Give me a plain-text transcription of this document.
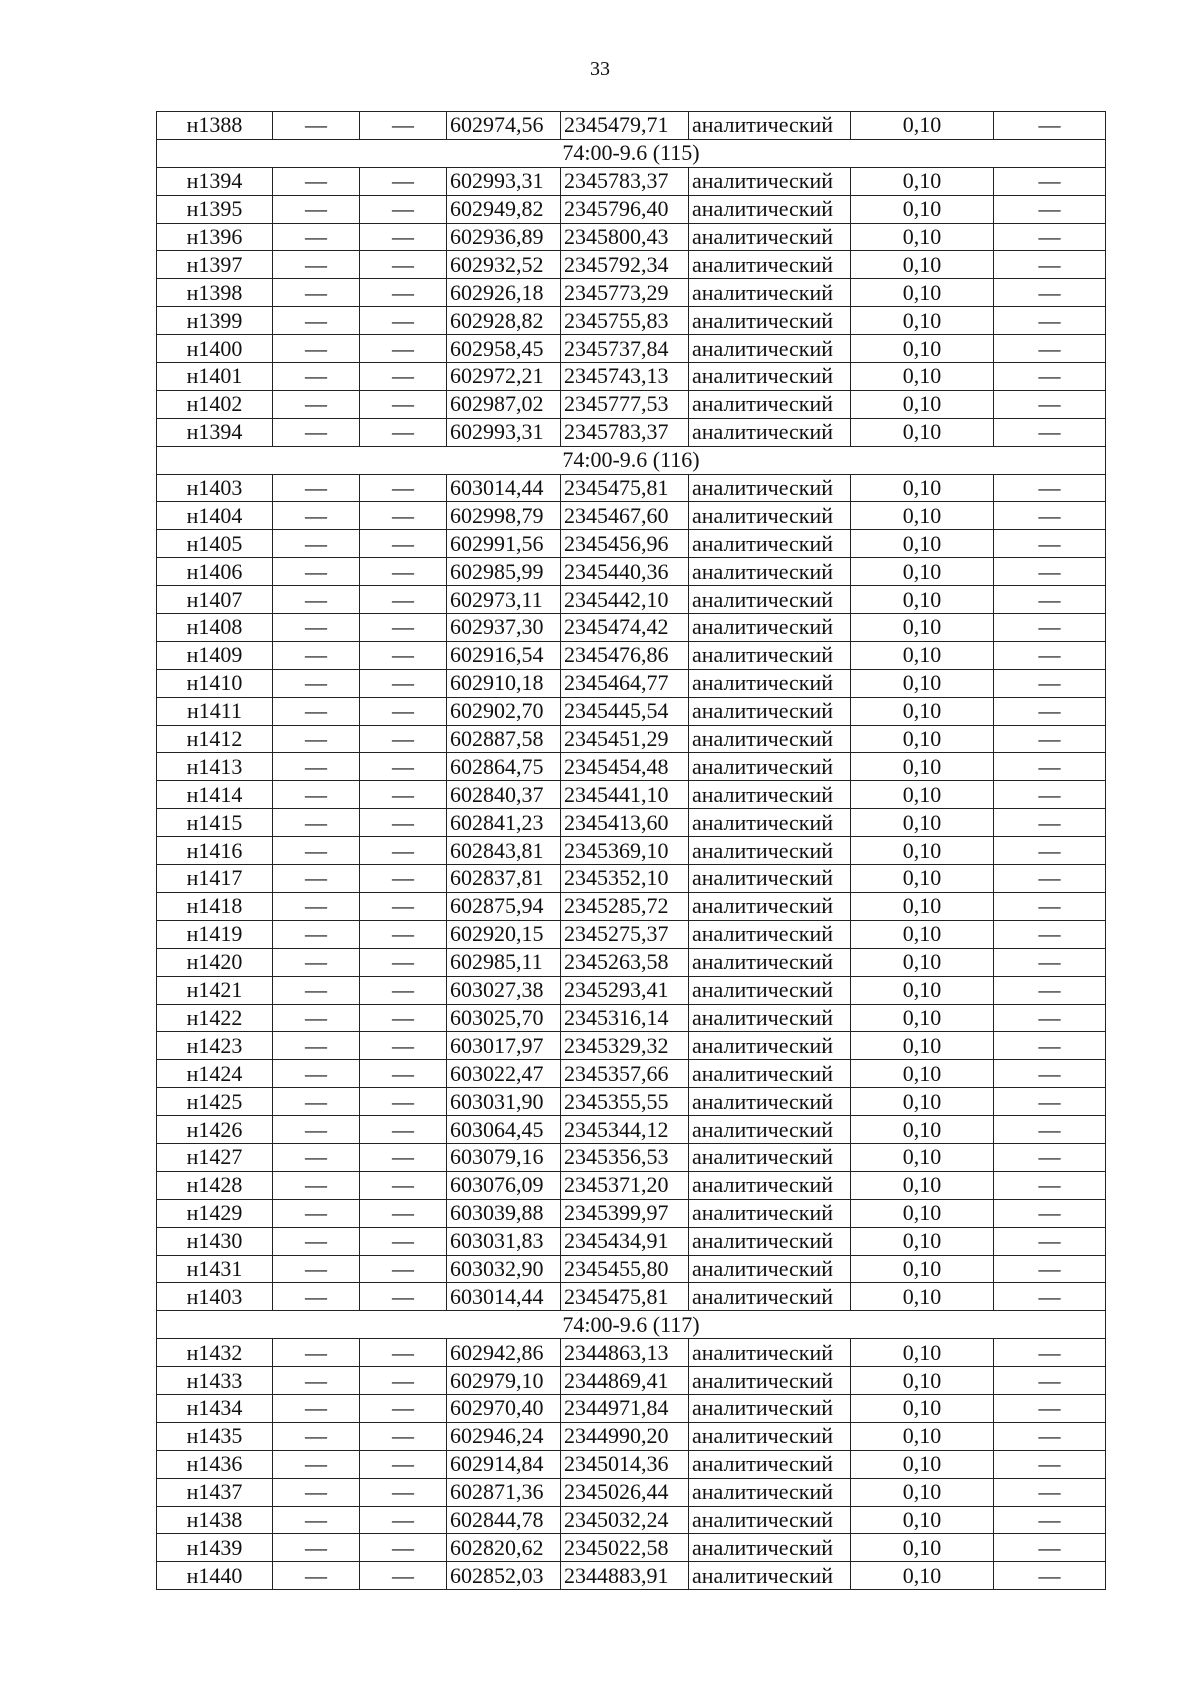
33
н1388	—	—	602974,56	2345479,71	аналитический	0,10	—
74:00-9.6 (115)							
н1394	—	—	602993,31	2345783,37	аналитический	0,10	—
н1395	—	—	602949,82	2345796,40	аналитический	0,10	—
н1396	—	—	602936,89	2345800,43	аналитический	0,10	—
н1397	—	—	602932,52	2345792,34	аналитический	0,10	—
н1398	—	—	602926,18	2345773,29	аналитический	0,10	—
н1399	—	—	602928,82	2345755,83	аналитический	0,10	—
н1400	—	—	602958,45	2345737,84	аналитический	0,10	—
н1401	—	—	602972,21	2345743,13	аналитический	0,10	—
н1402	—	—	602987,02	2345777,53	аналитический	0,10	—
н1394	—	—	602993,31	2345783,37	аналитический	0,10	—
74:00-9.6 (116)							
н1403	—	—	603014,44	2345475,81	аналитический	0,10	—
н1404	—	—	602998,79	2345467,60	аналитический	0,10	—
н1405	—	—	602991,56	2345456,96	аналитический	0,10	—
н1406	—	—	602985,99	2345440,36	аналитический	0,10	—
н1407	—	—	602973,11	2345442,10	аналитический	0,10	—
н1408	—	—	602937,30	2345474,42	аналитический	0,10	—
н1409	—	—	602916,54	2345476,86	аналитический	0,10	—
н1410	—	—	602910,18	2345464,77	аналитический	0,10	—
н1411	—	—	602902,70	2345445,54	аналитический	0,10	—
н1412	—	—	602887,58	2345451,29	аналитический	0,10	—
н1413	—	—	602864,75	2345454,48	аналитический	0,10	—
н1414	—	—	602840,37	2345441,10	аналитический	0,10	—
н1415	—	—	602841,23	2345413,60	аналитический	0,10	—
н1416	—	—	602843,81	2345369,10	аналитический	0,10	—
н1417	—	—	602837,81	2345352,10	аналитический	0,10	—
н1418	—	—	602875,94	2345285,72	аналитический	0,10	—
н1419	—	—	602920,15	2345275,37	аналитический	0,10	—
н1420	—	—	602985,11	2345263,58	аналитический	0,10	—
н1421	—	—	603027,38	2345293,41	аналитический	0,10	—
н1422	—	—	603025,70	2345316,14	аналитический	0,10	—
н1423	—	—	603017,97	2345329,32	аналитический	0,10	—
н1424	—	—	603022,47	2345357,66	аналитический	0,10	—
н1425	—	—	603031,90	2345355,55	аналитический	0,10	—
н1426	—	—	603064,45	2345344,12	аналитический	0,10	—
н1427	—	—	603079,16	2345356,53	аналитический	0,10	—
н1428	—	—	603076,09	2345371,20	аналитический	0,10	—
н1429	—	—	603039,88	2345399,97	аналитический	0,10	—
н1430	—	—	603031,83	2345434,91	аналитический	0,10	—
н1431	—	—	603032,90	2345455,80	аналитический	0,10	—
н1403	—	—	603014,44	2345475,81	аналитический	0,10	—
74:00-9.6 (117)							
н1432	—	—	602942,86	2344863,13	аналитический	0,10	—
н1433	—	—	602979,10	2344869,41	аналитический	0,10	—
н1434	—	—	602970,40	2344971,84	аналитический	0,10	—
н1435	—	—	602946,24	2344990,20	аналитический	0,10	—
н1436	—	—	602914,84	2345014,36	аналитический	0,10	—
н1437	—	—	602871,36	2345026,44	аналитический	0,10	—
н1438	—	—	602844,78	2345032,24	аналитический	0,10	—
н1439	—	—	602820,62	2345022,58	аналитический	0,10	—
н1440	—	—	602852,03	2344883,91	аналитический	0,10	—
